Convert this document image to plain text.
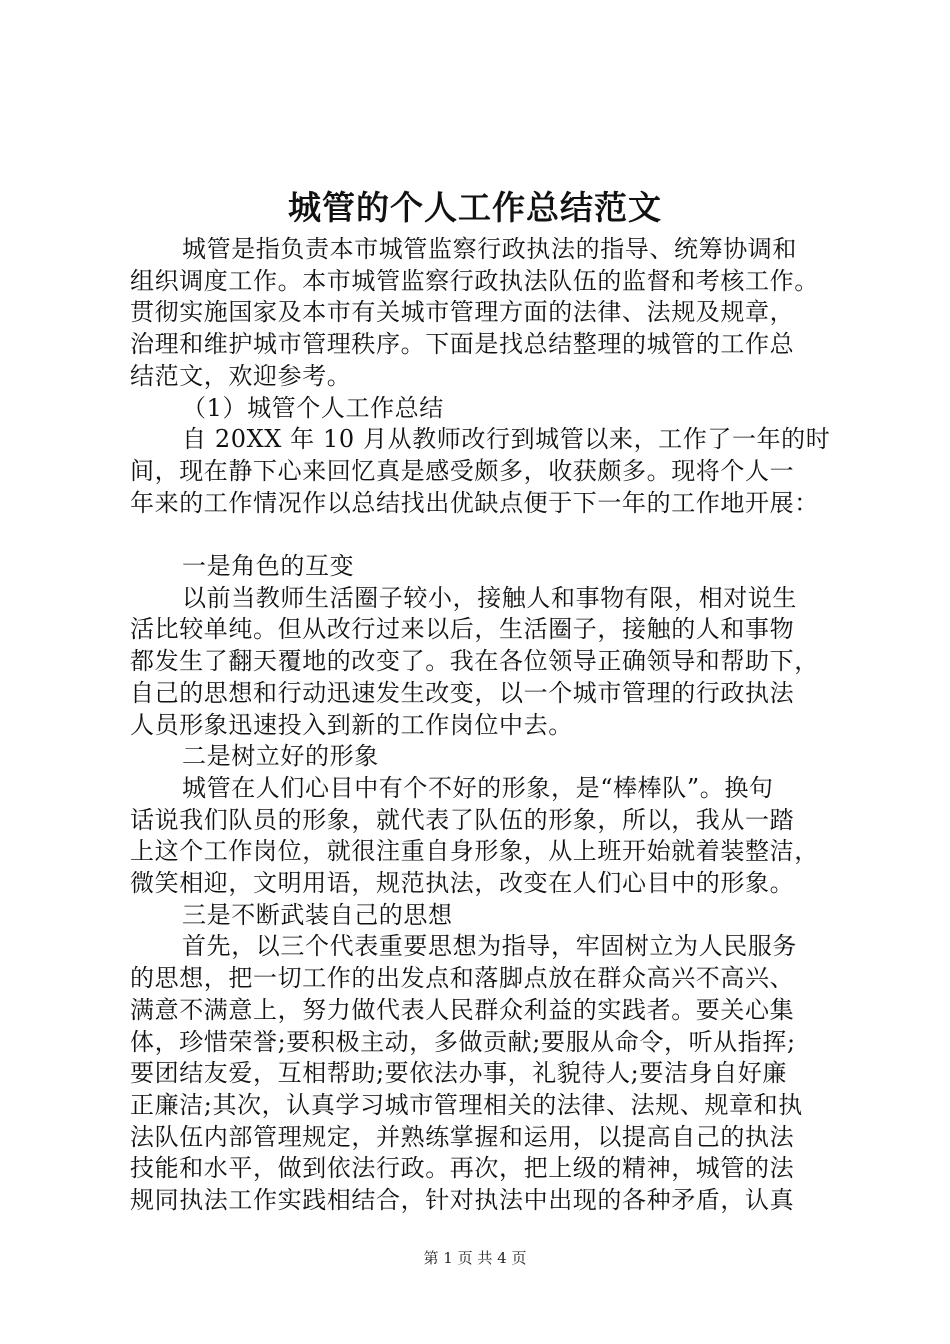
城管的个人工作总结范文

城管是指负责本市城管监察行政执法的指导、统筹协调和

组织调度工作。本市城管监察行政执法队伍的监督和考核工作。

贯彻实施国家及本市有关城市管理方面的法律、法规及规章，

治理和维护城市管理秩序。下面是找总结整理的城管的工作总

结范文，欢迎参考。

（1）城管个人工作总结

自 20XX 年 10 月从教师改行到城管以来，工作了一年的时

间，现在静下心来回忆真是感受颇多，收获颇多。现将个人一

年来的工作情况作以总结找出优缺点便于下一年的工作地开展：

一是角色的互变

以前当教师生活圈子较小，接触人和事物有限，相对说生

活比较单纯。但从改行过来以后，生活圈子，接触的人和事物

都发生了翻天覆地的改变了。我在各位领导正确领导和帮助下，

自己的思想和行动迅速发生改变，以一个城市管理的行政执法

人员形象迅速投入到新的工作岗位中去。

二是树立好的形象

城管在人们心目中有个不好的形象，是“棒棒队”。换句

话说我们队员的形象，就代表了队伍的形象，所以，我从一踏

上这个工作岗位，就很注重自身形象，从上班开始就着装整洁，

微笑相迎，文明用语，规范执法，改变在人们心目中的形象。

三是不断武装自己的思想

首先，以三个代表重要思想为指导，牢固树立为人民服务

的思想，把一切工作的出发点和落脚点放在群众高兴不高兴、

满意不满意上，努力做代表人民群众利益的实践者。要关心集

体，珍惜荣誉;要积极主动，多做贡献;要服从命令，听从指挥;

要团结友爱，互相帮助;要依法办事，礼貌待人;要洁身自好廉

正廉洁;其次，认真学习城市管理相关的法律、法规、规章和执

法队伍内部管理规定，并熟练掌握和运用，以提高自己的执法

技能和水平，做到依法行政。再次，把上级的精神，城管的法

规同执法工作实践相结合，针对执法中出现的各种矛盾，认真

第 1 页 共 4 页
